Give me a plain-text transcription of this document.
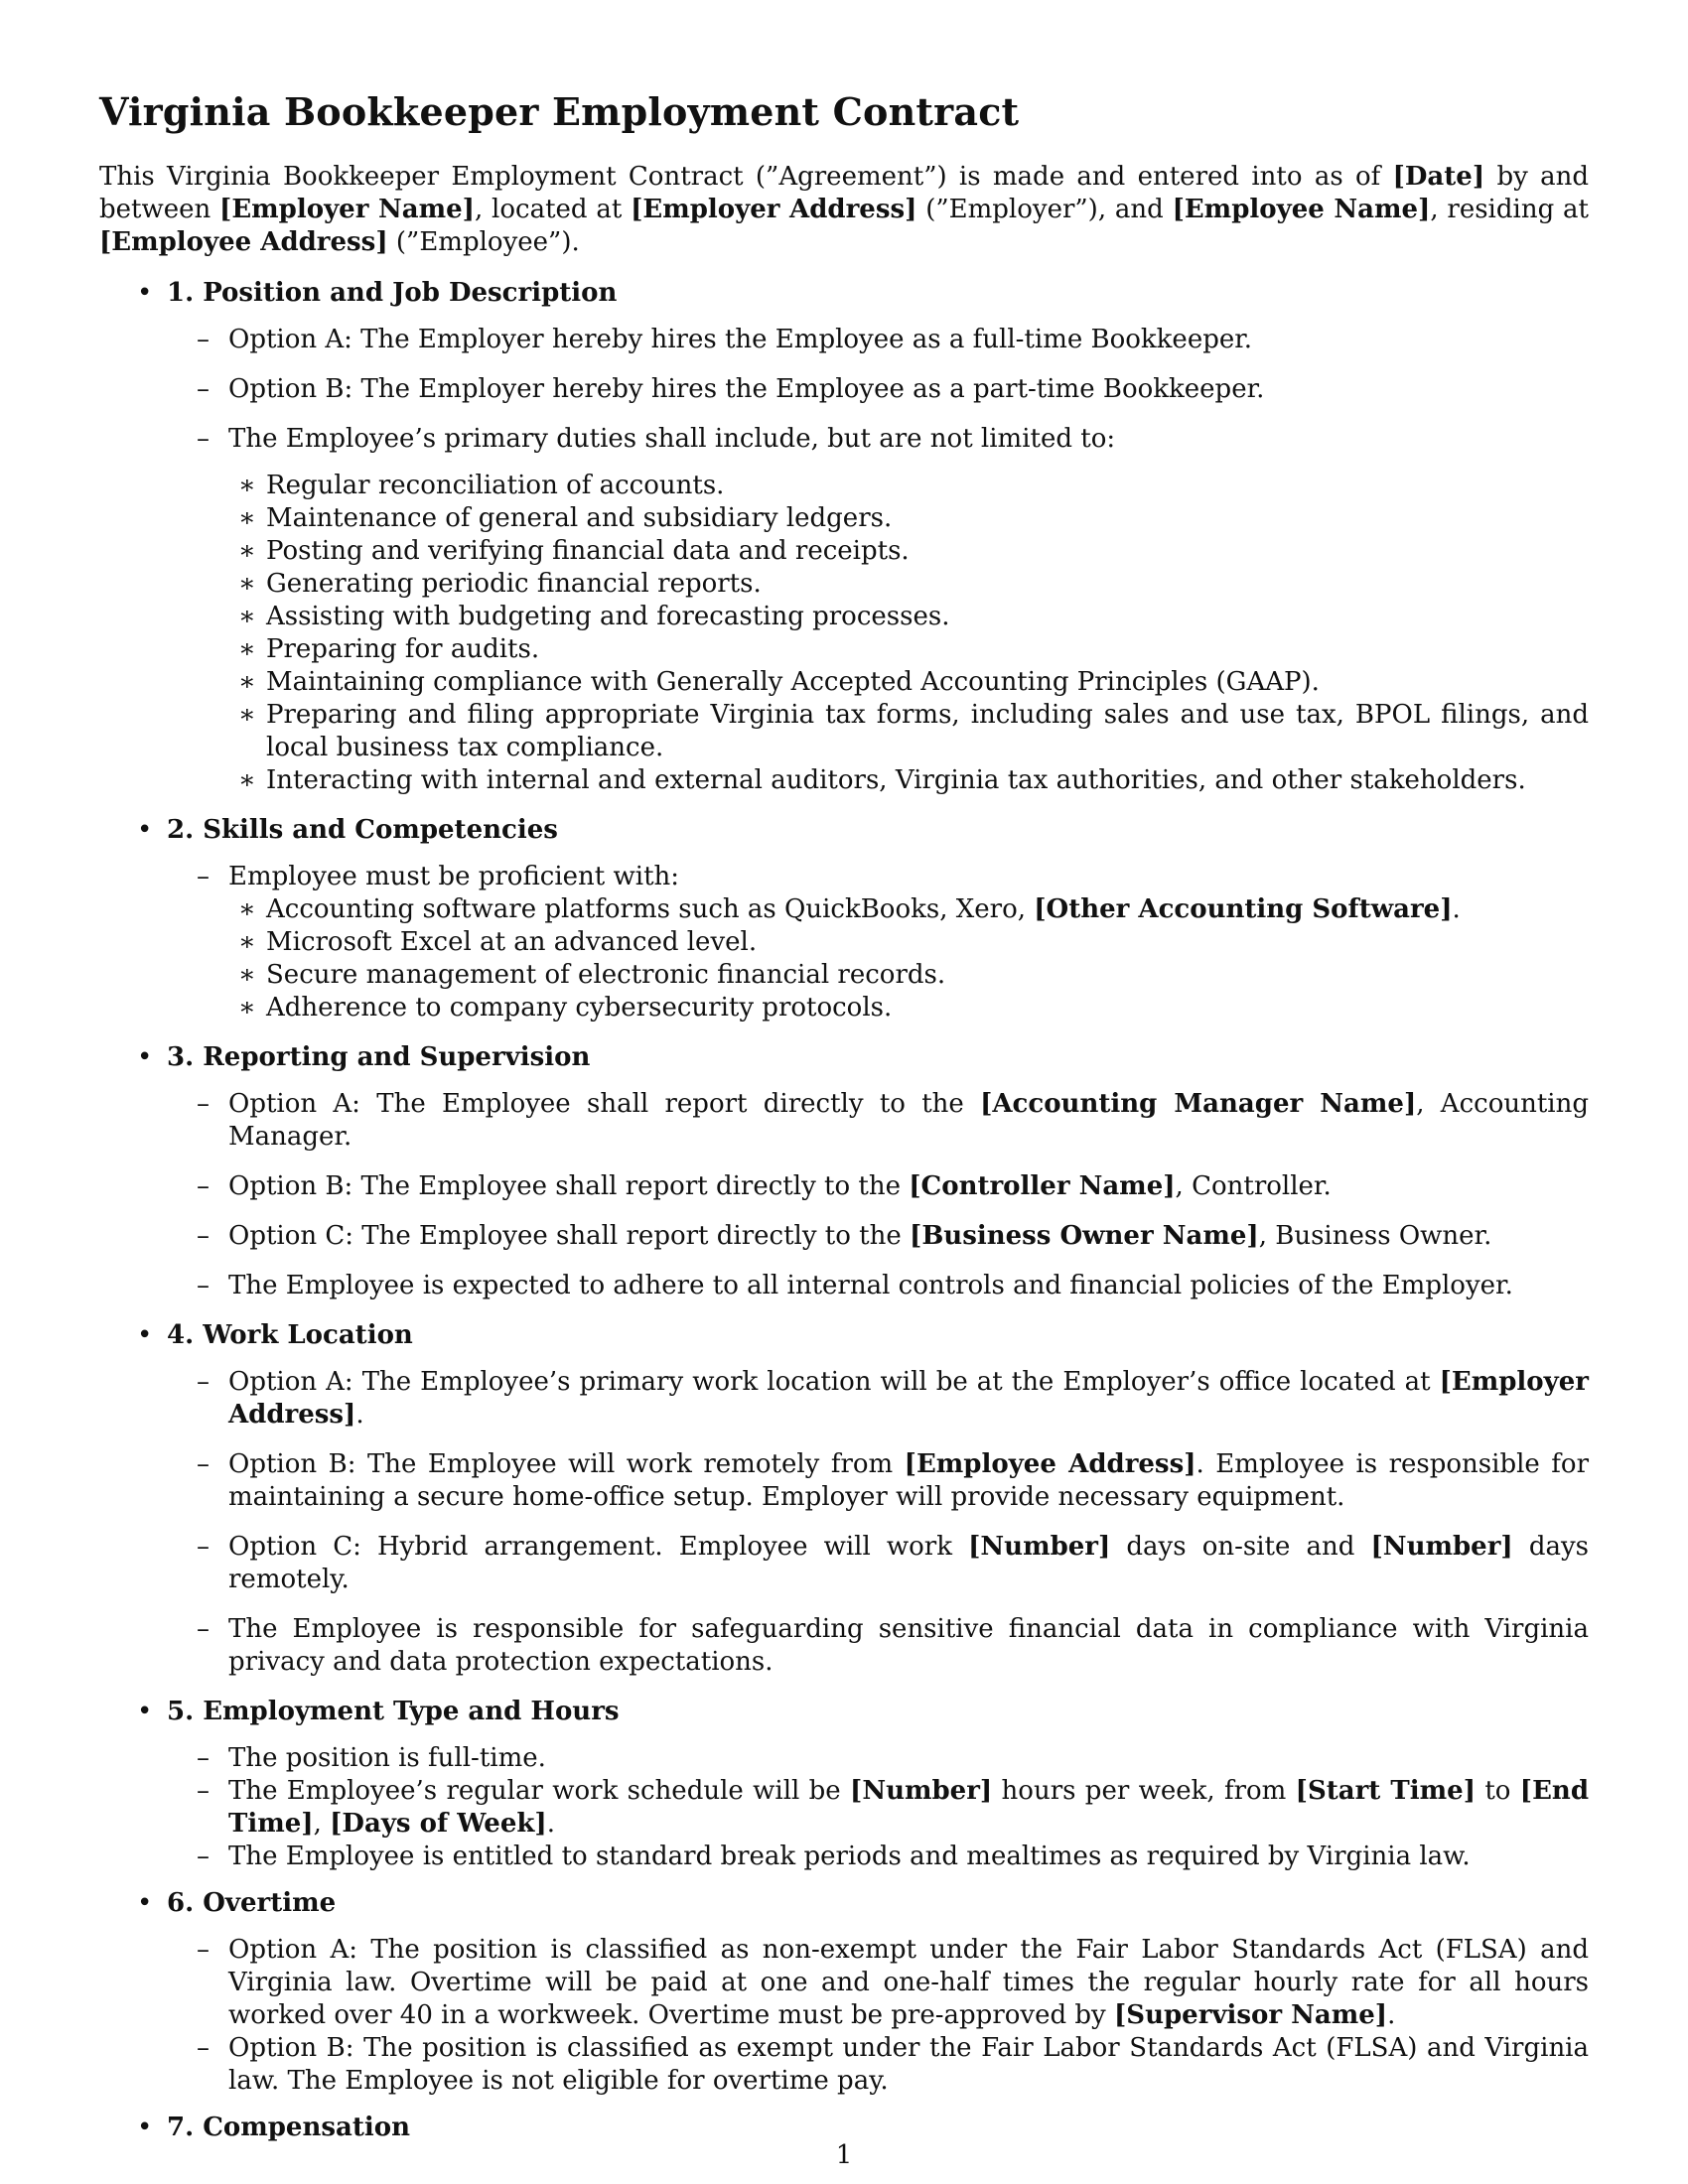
Virginia Bookkeeper Employment Contract

This Virginia Bookkeeper Employment Contract (”Agreement”) is made and entered into as of [Date] by and between [Employer Name], located at [Employer Address] (”Employer”), and [Employee Name], residing at [Employee Address] (”Employee”).

• 1. Position and Job Description
– Option A: The Employer hereby hires the Employee as a full-time Bookkeeper.
– Option B: The Employer hereby hires the Employee as a part-time Bookkeeper.
– The Employee’s primary duties shall include, but are not limited to:
∗ Regular reconciliation of accounts.
∗ Maintenance of general and subsidiary ledgers.
∗ Posting and verifying financial data and receipts.
∗ Generating periodic financial reports.
∗ Assisting with budgeting and forecasting processes.
∗ Preparing for audits.
∗ Maintaining compliance with Generally Accepted Accounting Principles (GAAP).
∗ Preparing and filing appropriate Virginia tax forms, including sales and use tax, BPOL filings, and local business tax compliance.
∗ Interacting with internal and external auditors, Virginia tax authorities, and other stakeholders.
• 2. Skills and Competencies
– Employee must be proficient with:
∗ Accounting software platforms such as QuickBooks, Xero, [Other Accounting Software].
∗ Microsoft Excel at an advanced level.
∗ Secure management of electronic financial records.
∗ Adherence to company cybersecurity protocols.
• 3. Reporting and Supervision
– Option A: The Employee shall report directly to the [Accounting Manager Name], Accounting Manager.
– Option B: The Employee shall report directly to the [Controller Name], Controller.
– Option C: The Employee shall report directly to the [Business Owner Name], Business Owner.
– The Employee is expected to adhere to all internal controls and financial policies of the Employer.
• 4. Work Location
– Option A: The Employee’s primary work location will be at the Employer’s office located at [Employer Address].
– Option B: The Employee will work remotely from [Employee Address]. Employee is responsible for maintaining a secure home-office setup. Employer will provide necessary equipment.
– Option C: Hybrid arrangement. Employee will work [Number] days on-site and [Number] days remotely.
– The Employee is responsible for safeguarding sensitive financial data in compliance with Virginia privacy and data protection expectations.
• 5. Employment Type and Hours
– The position is full-time.
– The Employee’s regular work schedule will be [Number] hours per week, from [Start Time] to [End Time], [Days of Week].
– The Employee is entitled to standard break periods and mealtimes as required by Virginia law.
• 6. Overtime
– Option A: The position is classified as non-exempt under the Fair Labor Standards Act (FLSA) and Virginia law. Overtime will be paid at one and one-half times the regular hourly rate for all hours worked over 40 in a workweek. Overtime must be pre-approved by [Supervisor Name].
– Option B: The position is classified as exempt under the Fair Labor Standards Act (FLSA) and Virginia law. The Employee is not eligible for overtime pay.
• 7. Compensation
1
